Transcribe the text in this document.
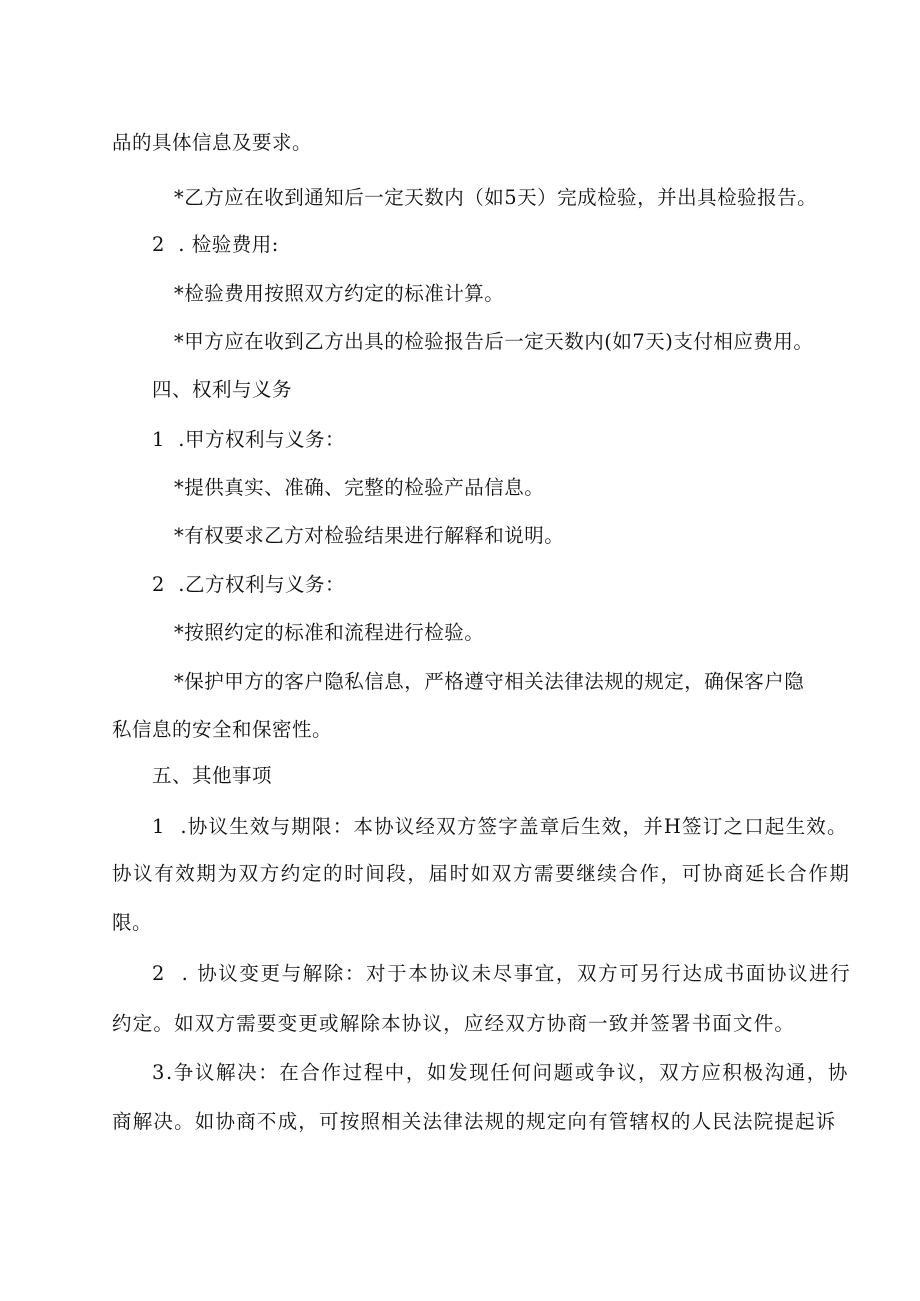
品的具体信息及要求。
*乙方应在收到通知后一定天数内（如5天）完成检验，并出具检验报告。
2  . 检验费用:
*检验费用按照双方约定的标准计算。
*甲方应在收到乙方出具的检验报告后一定天数内(如7天)支付相应费用。
四、权利与义务
1  .甲方权利与义务：
*提供真实、准确、完整的检验产品信息。
*有权要求乙方对检验结果进行解释和说明。
2  .乙方权利与义务：
*按照约定的标准和流程进行检验。
*保护甲方的客户隐私信息，严格遵守相关法律法规的规定，确保客户隐
私信息的安全和保密性。
五、其他事项
1  .协议生效与期限：本协议经双方签字盖章后生效，并H签订之口起生效。
协议有效期为双方约定的时间段，届时如双方需要继续合作，可协商延长合作期
限。
2  . 协议变更与解除：对于本协议未尽事宜，双方可另行达成书面协议进行
约定。如双方需要变更或解除本协议，应经双方协商一致并签署书面文件。
3.争议解决：在合作过程中，如发现任何问题或争议，双方应积极沟通，协
商解决。如协商不成，可按照相关法律法规的规定向有管辖权的人民法院提起诉
